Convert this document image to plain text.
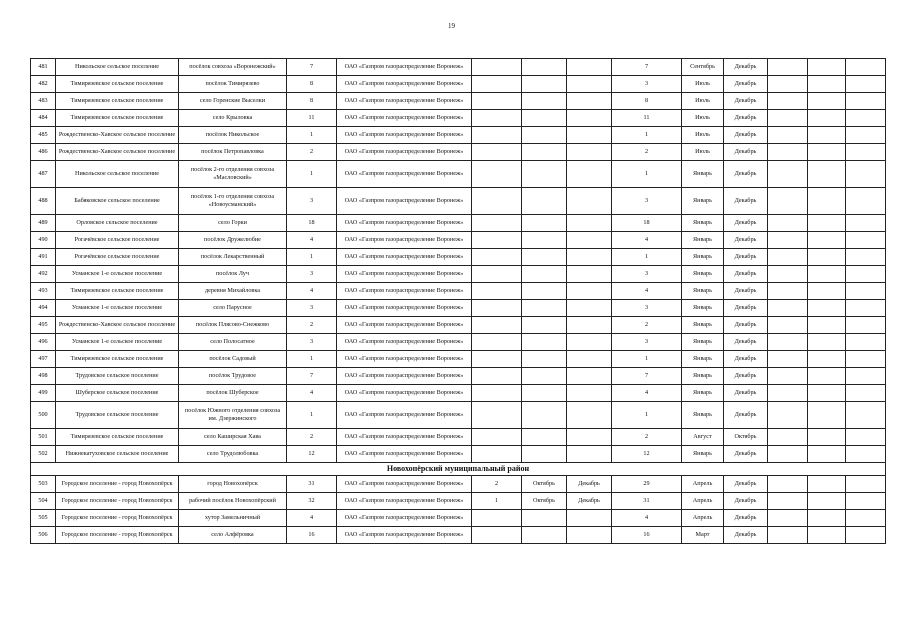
19
481	Никольское сельское поселение	посёлок совхоза «Воронежский»	7	ОАО «Газпром газораспределение Воронеж»				7	Сентябрь	Декабрь			
482	Тимирязевское сельское поселение	посёлок Тимирязево	8	ОАО «Газпром газораспределение Воронеж»				3	Июль	Декабрь			
483	Тимирязевское сельское поселение	село Горенские Выселки	8	ОАО «Газпром газораспределение Воронеж»				8	Июль	Декабрь			
484	Тимирязевское сельское поселение	село Крыловка	11	ОАО «Газпром газораспределение Воронеж»				11	Июль	Декабрь			
485	Рождественско-Хавское сельское поселение	посёлок Никольское	1	ОАО «Газпром газораспределение Воронеж»				1	Июль	Декабрь			
486	Рождественско-Хавское сельское поселение	посёлок Петропавловка	2	ОАО «Газпром газораспределение Воронеж»				2	Июль	Декабрь			
487	Никольское сельское поселение	посёлок 2-го отделения совхоза «Масловский»	1	ОАО «Газпром газораспределение Воронеж»				1	Январь	Декабрь			
488	Бабяковское сельское поселение	посёлок 1-го отделения совхоза «Новоусманский»	3	ОАО «Газпром газораспределение Воронеж»				3	Январь	Декабрь			
489	Орловское сельское поселение	село Горки	18	ОАО «Газпром газораспределение Воронеж»				18	Январь	Декабрь			
490	Рогачёвское сельское поселение	посёлок Дружелюбие	4	ОАО «Газпром газораспределение Воронеж»				4	Январь	Декабрь			
491	Рогачёвское сельское поселение	посёлок Лекарственный	1	ОАО «Газпром газораспределение Воронеж»				1	Январь	Декабрь			
492	Усманское 1-е сельское поселение	посёлок Луч	3	ОАО «Газпром газораспределение Воронеж»				3	Январь	Декабрь			
493	Тимирязевское сельское поселение	деревня Михайловка	4	ОАО «Газпром газораспределение Воронеж»				4	Январь	Декабрь			
494	Усманское 1-е сельское поселение	село Парусное	3	ОАО «Газпром газораспределение Воронеж»				3	Январь	Декабрь			
495	Рождественско-Хавское сельское поселение	посёлок Плясово-Снежково	2	ОАО «Газпром газораспределение Воронеж»				2	Январь	Декабрь			
496	Усманское 1-е сельское поселение	село Полосатное	3	ОАО «Газпром газораспределение Воронеж»				3	Январь	Декабрь			
497	Тимирязевское сельское поселение	посёлок Садовый	1	ОАО «Газпром газораспределение Воронеж»				1	Январь	Декабрь			
498	Трудовское сельское поселение	посёлок Трудовое	7	ОАО «Газпром газораспределение Воронеж»				7	Январь	Декабрь			
499	Шуберское сельское поселение	посёлок Шуберское	4	ОАО «Газпром газораспределение Воронеж»				4	Январь	Декабрь			
500	Трудовское сельское поселение	посёлок Южного отделения совхоза им. Дзержинского	1	ОАО «Газпром газораспределение Воронеж»				1	Январь	Декабрь			
501	Тимирязевское сельское поселение	село Каширская Хава	2	ОАО «Газпром газораспределение Воронеж»				2	Август	Октябрь			
502	Нижнекатуховское сельское поселение	село Трудолюбовка	12	ОАО «Газпром газораспределение Воронеж»				12	Январь	Декабрь			
Новохопёрский муниципальный район													
503	Городское поселение - город Новохопёрск	город Новохопёрск	31	ОАО «Газпром газораспределение Воронеж»	2	Октябрь	Декабрь	29	Апрель	Декабрь			
504	Городское поселение - город Новохопёрск	рабочий посёлок Новохопёрский	32	ОАО «Газпром газораспределение Воронеж»	1	Октябрь	Декабрь	31	Апрель	Декабрь			
505	Городское поселение - город Новохопёрск	хутор Замельничный	4	ОАО «Газпром газораспределение Воронеж»				4	Апрель	Декабрь			
506	Городское поселение - город Новохопёрск	село Алфёровка	16	ОАО «Газпром газораспределение Воронеж»				16	Март	Декабрь			
